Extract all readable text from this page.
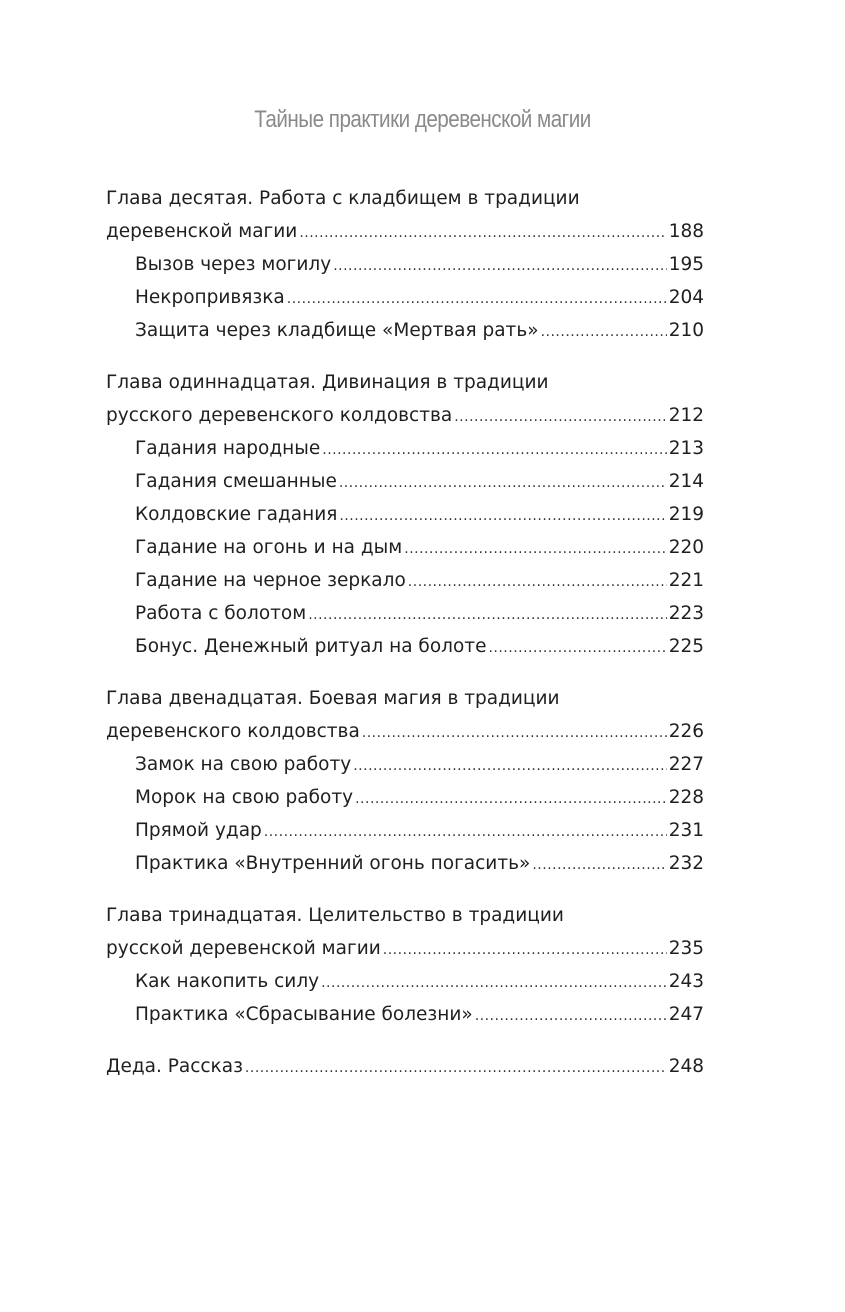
Тайные практики деревенской магии
Глава десятая. Работа с кладбищем в традиции
деревенской магии .....	188
Вызов через могилу .....	195
Некропривязка .....	204
Защита через кладбище «Мертвая рать» .....	210
Глава одиннадцатая. Дивинация в традиции
русского деревенского колдовства .....	212
Гадания народные .....	213
Гадания смешанные .....	214
Колдовские гадания .....	219
Гадание на огонь и на дым .....	220
Гадание на черное зеркало .....	221
Работа с болотом .....	223
Бонус. Денежный ритуал на болоте .....	225
Глава двенадцатая. Боевая магия в традиции
деревенского колдовства .....	226
Замок на свою работу .....	227
Морок на свою работу .....	228
Прямой удар .....	231
Практика «Внутренний огонь погасить» .....	232
Глава тринадцатая. Целительство в традиции
русской деревенской магии .....	235
Как накопить силу .....	243
Практика «Сбрасывание болезни» .....	247
Деда. Рассказ .....	248
